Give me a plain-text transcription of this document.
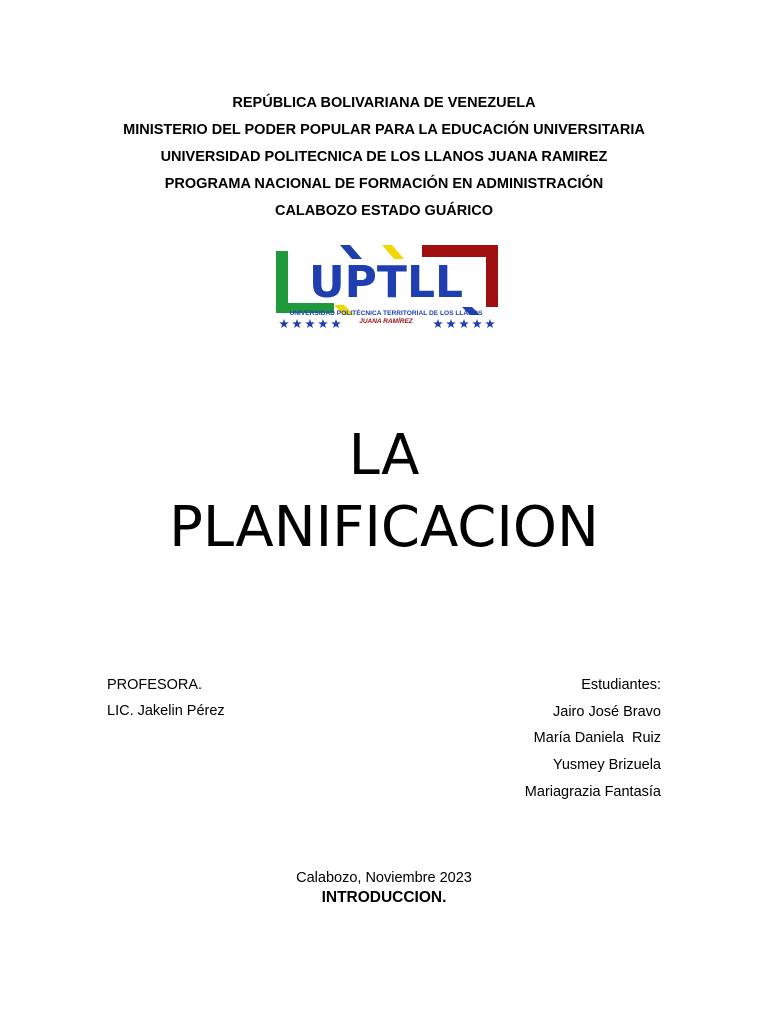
REPÚBLICA BOLIVARIANA DE VENEZUELA
MINISTERIO DEL PODER POPULAR PARA LA EDUCACIÓN UNIVERSITARIA
UNIVERSIDAD POLITECNICA DE LOS LLANOS JUANA RAMIREZ
PROGRAMA NACIONAL DE FORMACIÓN EN ADMINISTRACIÓN
CALABOZO ESTADO GUÁRICO
UPTLL
UNIVERSIDAD POLITÉCNICA TERRITORIAL DE LOS LLANOS
JUANA RAMÍREZ
LA
PLANIFICACION
PROFESORA.
LIC. Jakelin Pérez
Estudiantes:
Jairo José Bravo
María Daniela  Ruiz
Yusmey Brizuela
Mariagrazia Fantasía
Calabozo, Noviembre 2023
INTRODUCCION.
